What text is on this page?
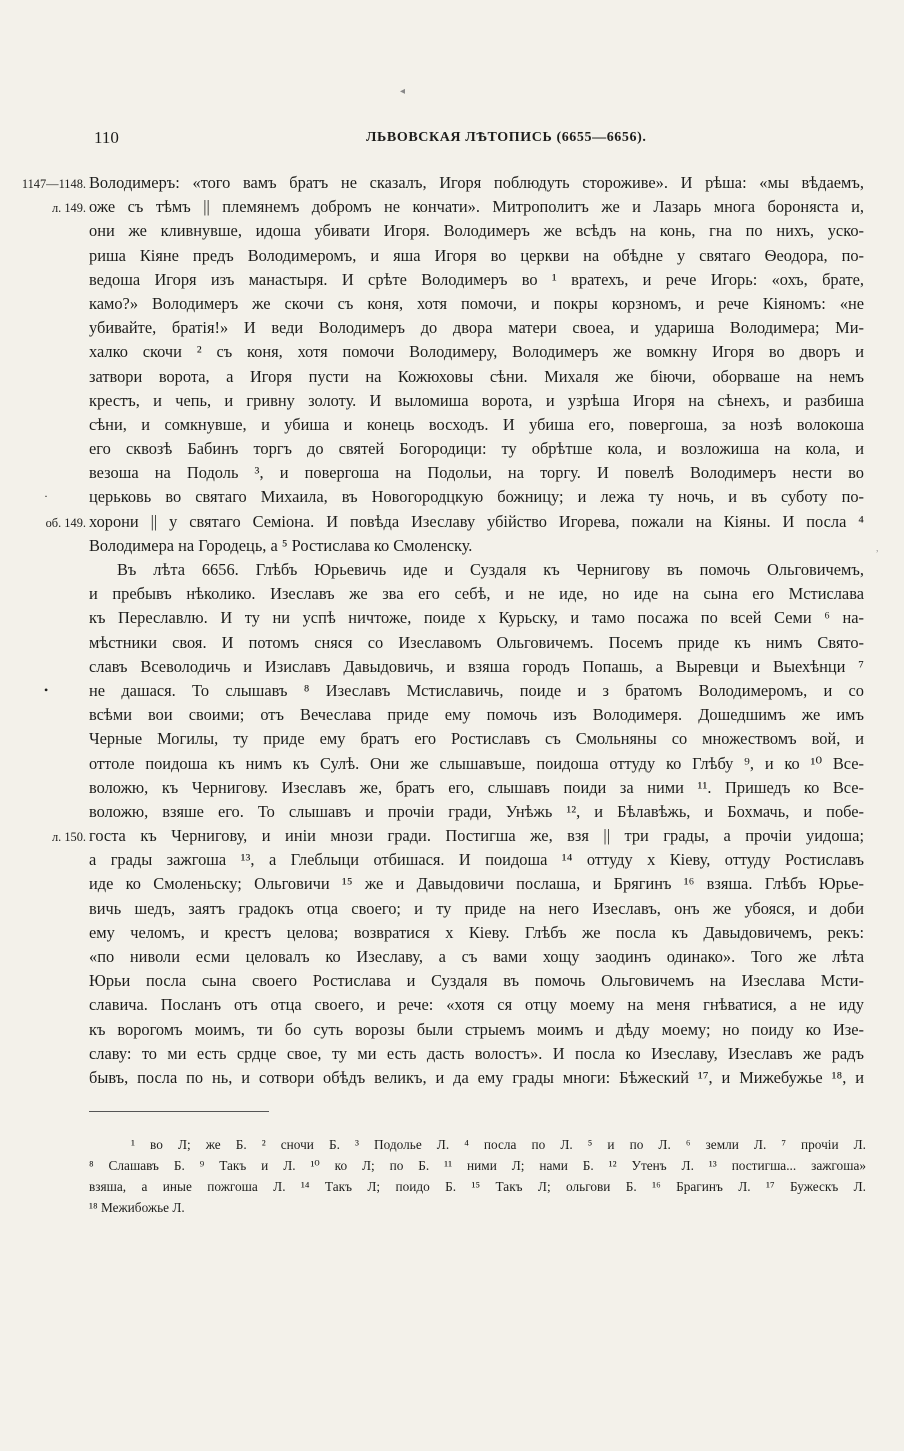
◂
,
110	ЛЬВОВСКАЯ ЛѢТОПИСЬ (6655—6656).
1147—1148. Володимеръ: «того вамъ братъ не сказалъ, Игоря поблюдуть стороживе». И рѣша: «мы вѣдаемъ,
л. 149. оже съ тѣмъ || племянемъ добромъ не кончати». Митрополитъ же и Лазарь многа бороняста и,
они же кливнувше, идоша убивати Игоря. Володимеръ же всѣдъ на конь, гна по нихъ, уско-
риша Кіяне предъ Володимеромъ, и яша Игоря во церкви на обѣдне у святаго Ѳеодора, по-
ведоша Игоря изъ манастыря. И срѣте Володимеръ во ¹ вратехъ, и рече Игорь: «охъ, брате,
камо?» Володимеръ же скочи съ коня, хотя помочи, и покры корзномъ, и рече Кіяномъ: «не
убивайте, братія!» И веди Володимеръ до двора матери своеа, и удариша Володимера; Ми-
халко скочи ² съ коня, хотя помочи Володимеру, Володимеръ же вомкну Игоря во дворъ и
затвори ворота, а Игоря пусти на Кожюховы сѣни. Михаля же біючи, оборваше на немъ
крестъ, и чепь, и гривну золоту. И выломиша ворота, и узрѣша Игоря на сѣнехъ, и разбиша
сѣни, и сомкнувше, и убиша и конець восходъ. И убиша его, повергоша, за нозѣ волокоша
его сквозѣ Бабинъ торгъ до святей Богородици: ту обрѣтше кола, и возложиша на кола, и
везоша на Подоль ³, и повергоша на Подольи, на торгу. И повелѣ Володимеръ нести во
·	церьковь во святаго Михаила, въ Новогородцкую божницу; и лежа ту ночь, и въ суботу по-
об. 149. хорони || у святаго Семіона. И повѣда Изеславу убійство Игорева, пожали на Кіяны. И посла ⁴
Володимера на Городець, а ⁵ Ростислава ко Смоленску.
Въ лѣта 6656. Глѣбъ Юрьевичь иде и Суздаля къ Чернигову въ помочь Ольговичемъ,
и пребывъ нѣколико. Изеславъ же зва его себѣ, и не иде, но иде на сына его Мстислава
къ Переславлю. И ту ни успѣ ничтоже, поиде х Курьску, и тамо посажа по всей Семи ⁶ на-
мѣстники своя. И потомъ сняся со Изеславомъ Ольговичемъ. Посемъ приде къ нимъ Свято-
славъ Всеволодичь и Изиславъ Давыдовичь, и взяша городъ Попашь, а Выревци и Выехѣнци ⁷
• не дашася. То слышавъ ⁸ Изеславъ Мстиславичь, поиде и з братомъ Володимеромъ, и со
всѣми вои своими; отъ Вечеслава приде ему помочь изъ Володимеря. Дошедшимъ же имъ
Черные Могилы, ту приде ему братъ его Ростиславъ съ Смольняны со множествомъ вой, и
оттоле поидоша къ нимъ къ Сулѣ. Они же слышавъше, поидоша оттуду ко Глѣбу ⁹, и ко ¹⁰ Все-
воложю, къ Чернигову. Изеславъ же, братъ его, слышавъ поиди за ними ¹¹. Пришедъ ко Все-
воложю, взяше его. То слышавъ и прочіи гради, Унѣжь ¹², и Бѣлавѣжь, и Бохмачь, и побе-
л. 150. госта къ Чернигову, и иніи мнози гради. Постигша же, взя || три грады, а прочіи уидоша;
а грады зажгоша ¹³, а Глеблыци отбишася. И поидоша ¹⁴ оттуду х Кіеву, оттуду Ростиславъ
иде ко Смоленьску; Ольговичи ¹⁵ же и Давыдовичи послаша, и Брягинъ ¹⁶ взяша. Глѣбъ Юрье-
вичь шедъ, заятъ градокъ отца своего; и ту приде на него Изеславъ, онъ же убояся, и доби
ему челомъ, и крестъ целова; возвратися х Кіеву. Глѣбъ же посла къ Давыдовичемъ, рекъ:
«по ниволи есми целовалъ ко Изеславу, а съ вами хощу заодинъ одинако». Того же лѣта
Юрьи посла сына своего Ростислава и Суздаля въ помочь Ольговичемъ на Изеслава Мсти-
славича. Посланъ отъ отца своего, и рече: «хотя ся отцу моему на меня гнѣватися, а не иду
къ ворогомъ моимъ, ти бо суть ворозы были стрыемъ моимъ и дѣду моему; но поиду ко Изе-
славу: то ми есть срдце свое, ту ми есть дасть волостъ». И посла ко Изеславу, Изеславъ же радъ
бывъ, посла по нь, и сотвори обѣдъ великъ, и да ему грады многи: Бѣжеский ¹⁷, и Мижебужье ¹⁸, и
¹ во Л; же Б. ² сночи Б. ³ Подолье Л. ⁴ посла по Л. ⁵ и по Л. ⁶ земли Л. ⁷ прочіи Л.
⁸ Слашавъ Б. ⁹ Такъ и Л. ¹⁰ ко Л; по Б. ¹¹ ними Л; нами Б. ¹² Утенъ Л. ¹³ постигша... зажгоша»
взяша, а иные пожгоша Л. ¹⁴ Такъ Л; поидо Б. ¹⁵ Такъ Л; ольгови Б. ¹⁶ Брагинъ Л. ¹⁷ Бужескъ Л.
¹⁸ Межибожье Л.
